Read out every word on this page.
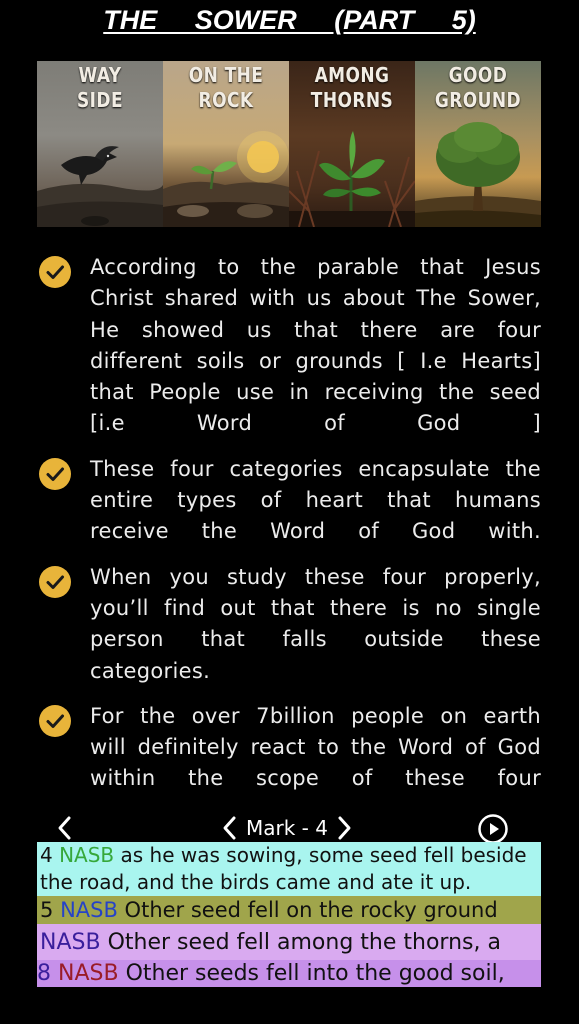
THE SOWER (PART 5)
WAY
SIDE
ON THE
ROCK
AMONG
THORNS
GOOD
GROUND
According to the parable that Jesus Christ shared with us about The Sower, He showed us that there are four different soils or grounds [ I.e Hearts] that People use in receiving the seed [i.e Word of God ]
These four categories encapsulate the entire types of heart that humans receive the Word of God with.
When you study these four properly, you’ll find out that there is no single person that falls outside these categories.
For the over 7billion people on earth will definitely react to the Word of God within the scope of these four
Mark - 4
4 NASB as he was sowing, some seed fell beside the road, and the birds came and ate it up.
5 NASB Other seed fell on the rocky ground
NASB Other seed fell among the thorns, a
8 NASB Other seeds fell into the good soil,
